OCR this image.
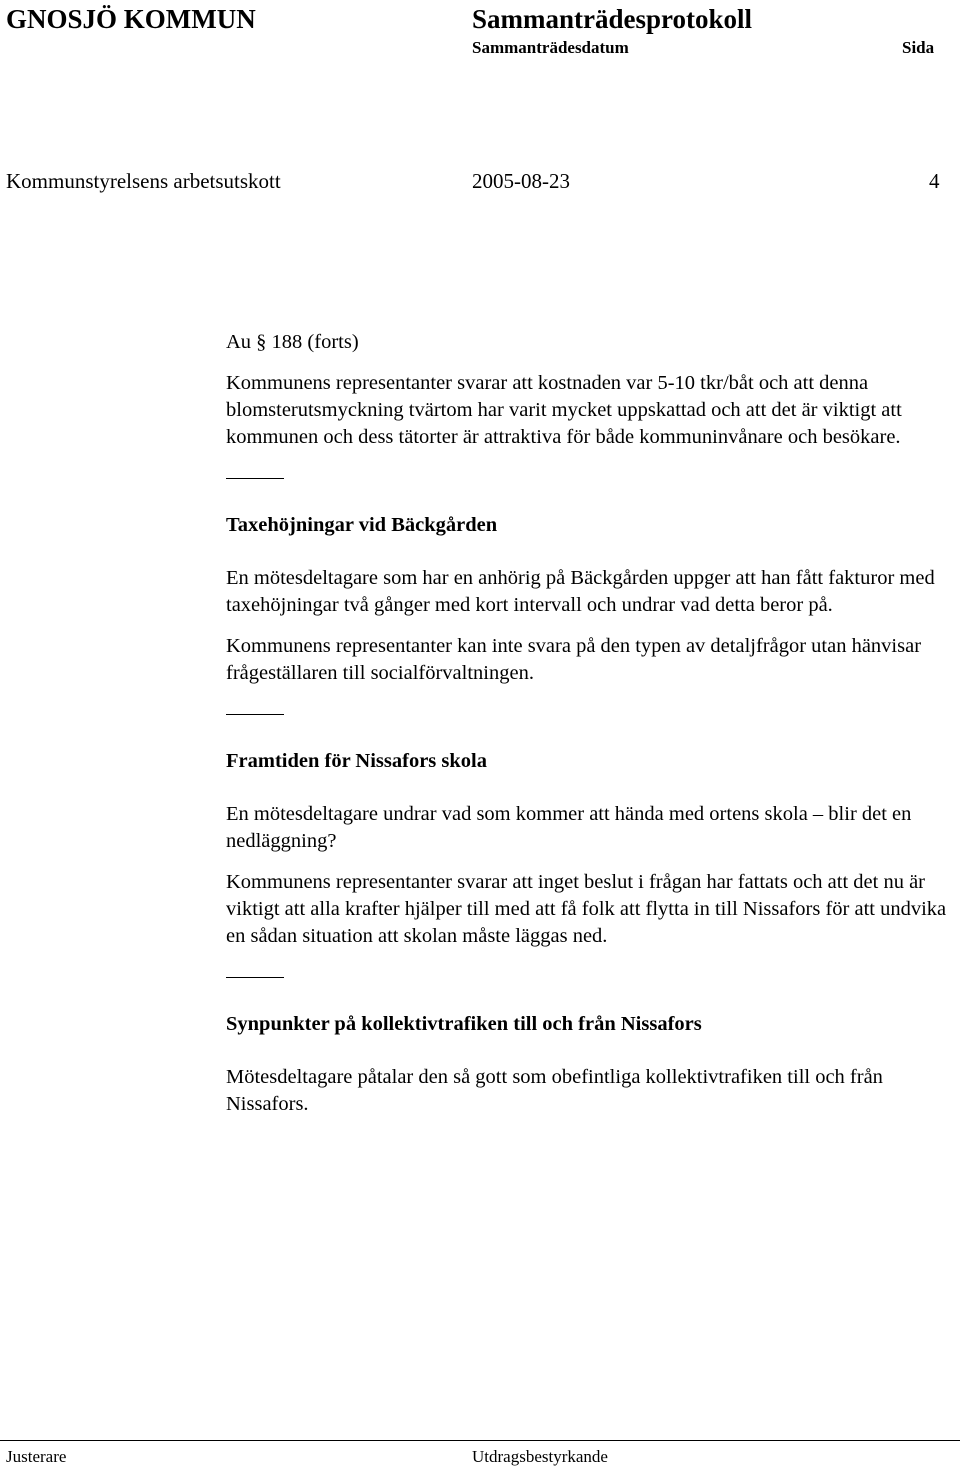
GNOSJÖ KOMMUN	Sammanträdesprotokoll
Sammanträdesdatum	Sida
Kommunstyrelsens arbetsutskott	2005-08-23	4

Au § 188 (forts)

Kommunens representanter svarar att kostnaden var 5-10 tkr/båt och att denna blomsterutsmyckning tvärtom har varit mycket uppskattad och att det är viktigt att kommunen och dess tätorter är attraktiva för både kommuninvånare och besökare.

Taxehöjningar vid Bäckgården

En mötesdeltagare som har en anhörig på Bäckgården uppger att han fått fakturor med taxehöjningar två gånger med kort intervall och undrar vad detta beror på.

Kommunens representanter kan inte svara på den typen av detaljfrågor utan hänvisar frågeställaren till socialförvaltningen.

Framtiden för Nissafors skola

En mötesdeltagare undrar vad som kommer att hända med ortens skola – blir det en nedläggning?

Kommunens representanter svarar att inget beslut i frågan har fattats och att det nu är viktigt att alla krafter hjälper till med att få folk att flytta in till Nissafors för att undvika en sådan situation att skolan måste läggas ned.

Synpunkter på kollektivtrafiken till och från Nissafors

Mötesdeltagare påtalar den så gott som obefintliga kollektivtrafiken till och från Nissafors.

Justerare	Utdragsbestyrkande
